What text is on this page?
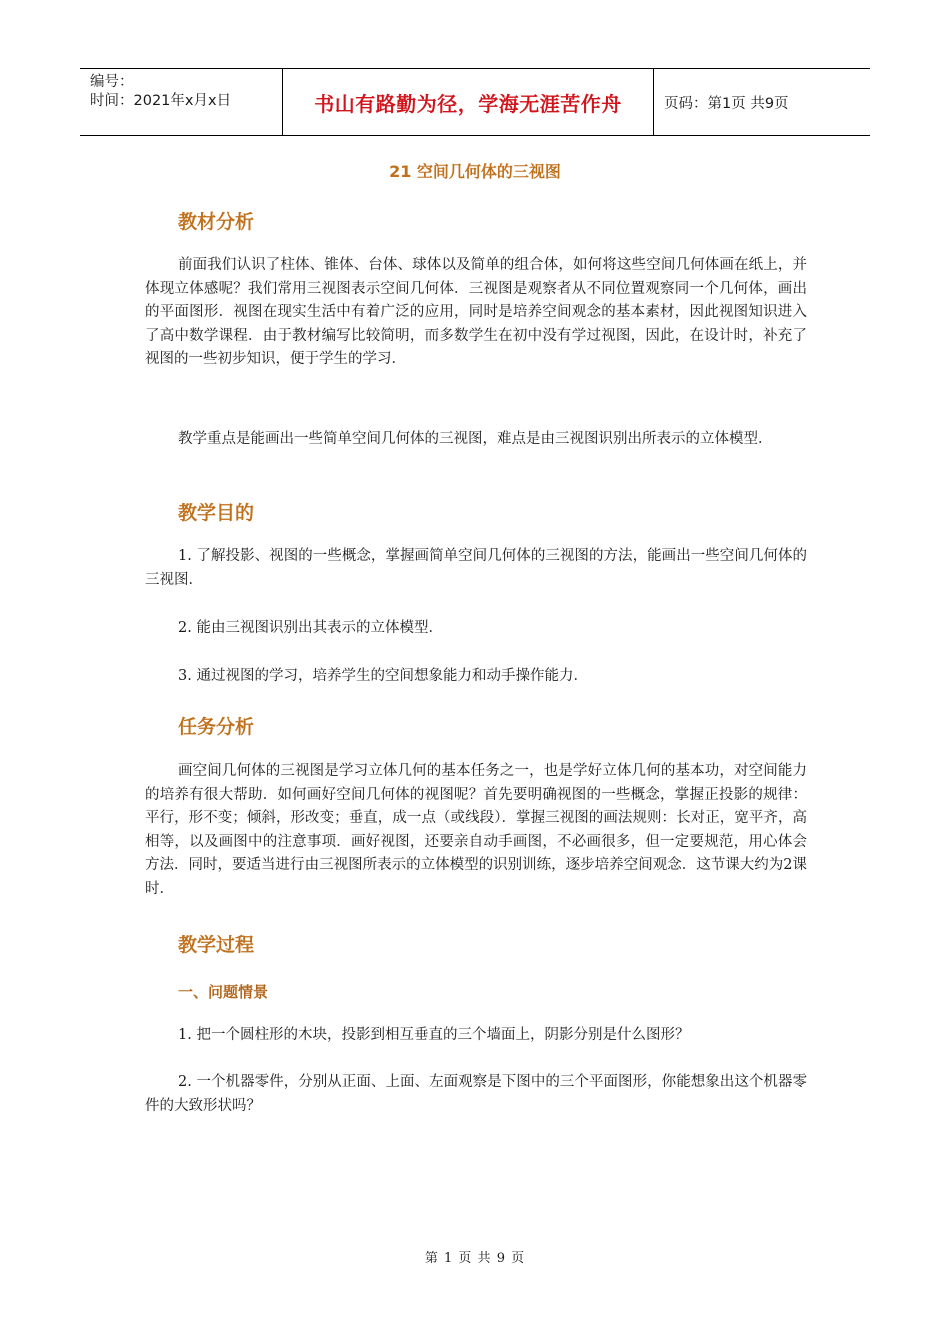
编号：
时间：2021年x月x日	书山有路勤为径，学海无涯苦作舟	页码：第1页 共9页
21 空间几何体的三视图
教材分析

前面我们认识了柱体、锥体、台体、球体以及简单的组合体，如何将这些空间几何体画在纸上，并体现立体感呢？我们常用三视图表示空间几何体．三视图是观察者从不同位置观察同一个几何体，画出的平面图形．视图在现实生活中有着广泛的应用，同时是培养空间观念的基本素材，因此视图知识进入了高中数学课程．由于教材编写比较简明，而多数学生在初中没有学过视图，因此，在设计时，补充了视图的一些初步知识，便于学生的学习．

教学重点是能画出一些简单空间几何体的三视图，难点是由三视图识别出所表示的立体模型．

教学目的

1. 了解投影、视图的一些概念，掌握画简单空间几何体的三视图的方法，能画出一些空间几何体的三视图．

2. 能由三视图识别出其表示的立体模型．

3. 通过视图的学习，培养学生的空间想象能力和动手操作能力．

任务分析

画空间几何体的三视图是学习立体几何的基本任务之一，也是学好立体几何的基本功，对空间能力的培养有很大帮助．如何画好空间几何体的视图呢？首先要明确视图的一些概念，掌握正投影的规律：平行，形不变；倾斜，形改变；垂直，成一点（或线段）．掌握三视图的画法规则：长对正，宽平齐，高相等，以及画图中的注意事项．画好视图，还要亲自动手画图，不必画很多，但一定要规范，用心体会方法．同时，要适当进行由三视图所表示的立体模型的识别训练，逐步培养空间观念．这节课大约为2课时．

教学过程
一、问题情景

1. 把一个圆柱形的木块，投影到相互垂直的三个墙面上，阴影分别是什么图形？

2. 一个机器零件，分别从正面、上面、左面观察是下图中的三个平面图形，你能想象出这个机器零件的大致形状吗？

第 1 页 共 9 页
